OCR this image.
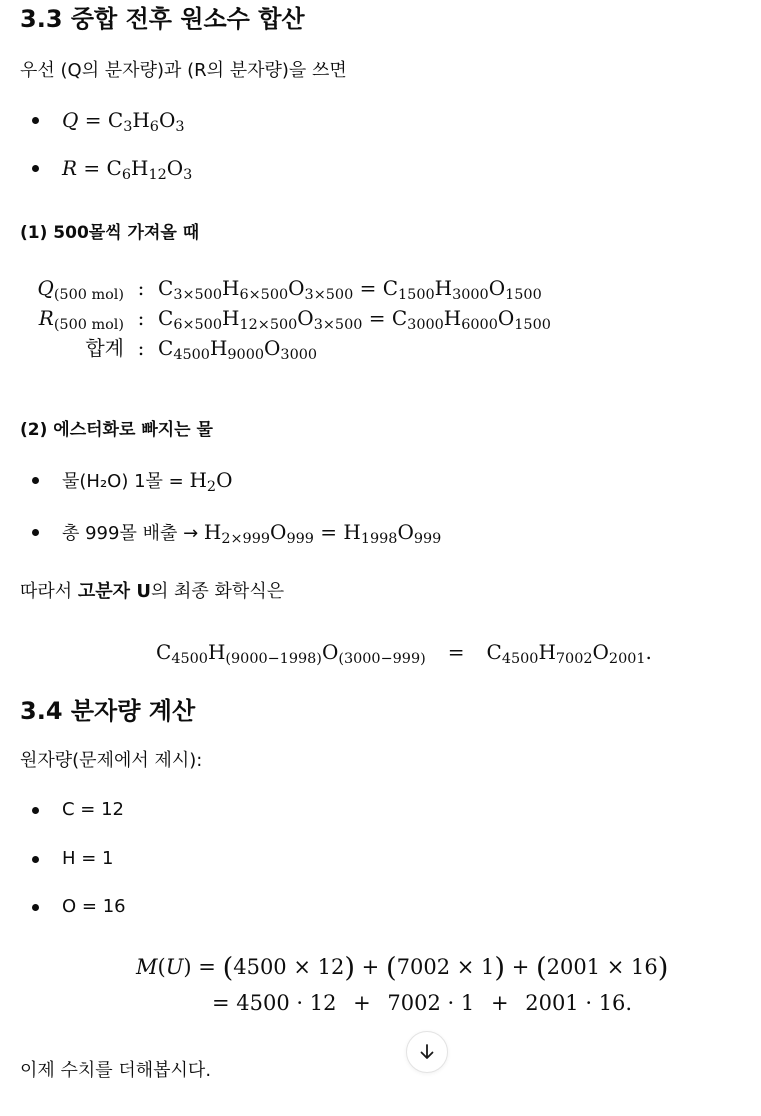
3.3 중합 전후 원소수 합산

우선 (Q의 분자량)과 (R의 분자량)을 쓰면

$Q = C_3H_6O_3$
$R = C_6H_{12}O_3$
(1) 500몰씩 가져올 때
$Q_{(500 mol)}$ : $C_{3\times 500}H_{6\times 500}O_{3\times 500} = C_{1500}H_{3000}O_{1500}$
$R_{(500 mol)}$ : $C_{6\times 500}H_{12\times 500}O_{3\times 500} = C_{3000}H_{6000}O_{1500}$
합계 : $C_{4500}H_{9000}O_{3000}$
(2) 에스터화로 빠지는 물
물(H₂O) 1몰 = $H_2O$
총 999몰 배출 → $H_{2\times 999}O_{999} = H_{1998}O_{999}$

따라서 고분자 U의 최종 화학식은

$C_{4500}H_{(9000-1998)}O_{(3000-999)} = C_{4500}H_{7002}O_{2001}$.
3.4 분자량 계산

원자량(문제에서 제시):

C = 12
H = 1
O = 16
M(U) = (4500 × 12) + (7002 × 1) + (2001 × 16)
= 4500 · 12 + 7002 · 1 + 2001 · 16.

이제 수치를 더해봅시다.
